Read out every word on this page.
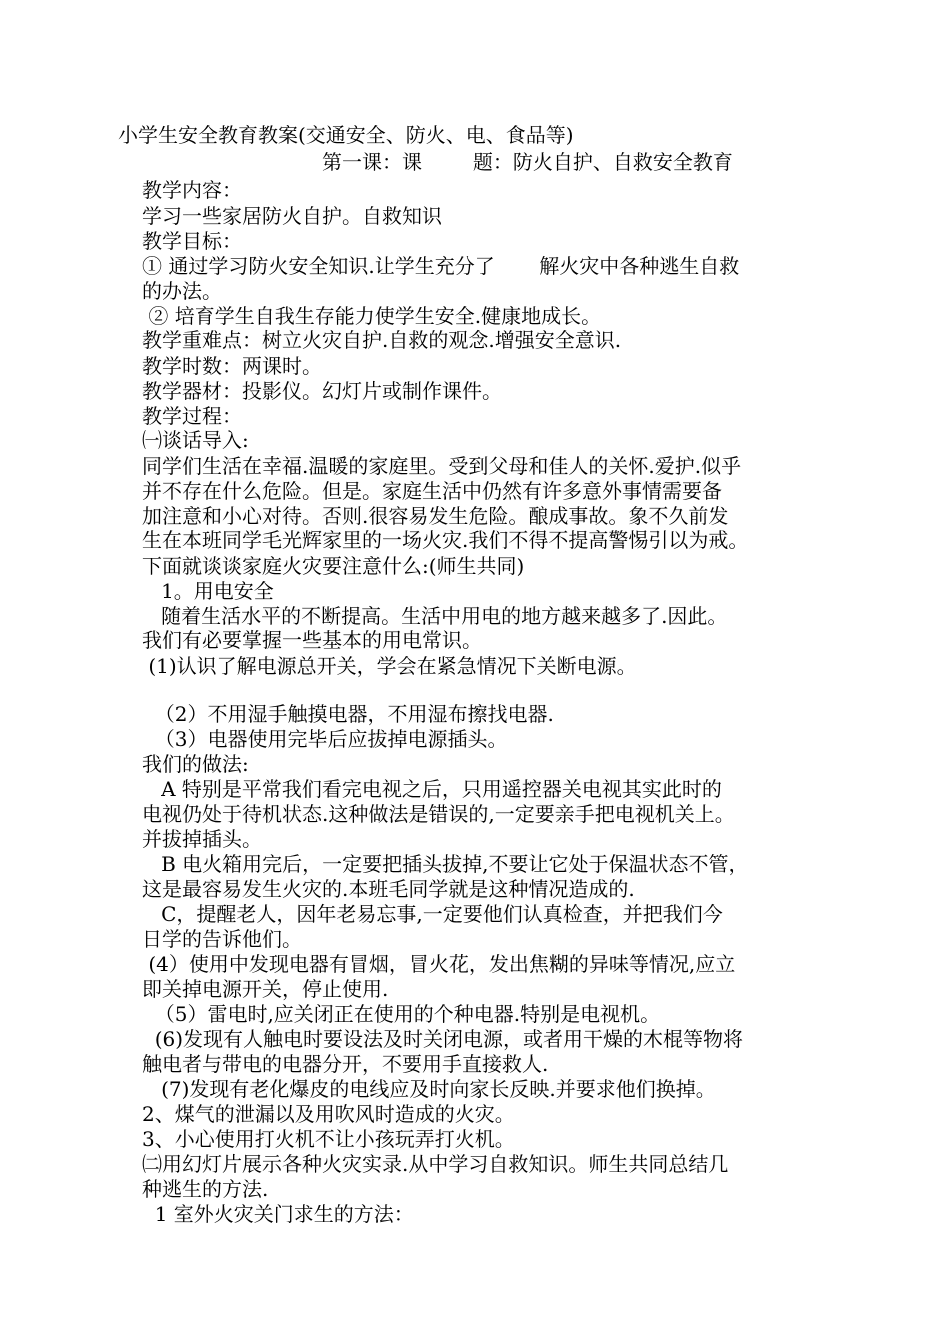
小学生安全教育教案(交通安全、防火、电、食品等)
第一课：课        题：防火自护、自救安全教育
教学内容：
学习一些家居防火自护。自救知识
教学目标：
① 通过学习防火安全知识.让学生充分了       解火灾中各种逃生自救
的办法。
② 培育学生自我生存能力使学生安全.健康地成长。
教学重难点：树立火灾自护.自救的观念.增强安全意识.
教学时数：两课时。
教学器材：投影仪。幻灯片或制作课件。
教学过程：
㈠谈话导入:
同学们生活在幸福.温暖的家庭里。受到父母和佳人的关怀.爱护.似乎
并不存在什么危险。但是。家庭生活中仍然有许多意外事情需要备
加注意和小心对待。否则.很容易发生危险。酿成事故。象不久前发
生在本班同学毛光辉家里的一场火灾.我们不得不提高警惕引以为戒。
下面就谈谈家庭火灾要注意什么:(师生共同)
1。用电安全
随着生活水平的不断提高。生活中用电的地方越来越多了.因此。
我们有必要掌握一些基本的用电常识。
(1)认识了解电源总开关，学会在紧急情况下关断电源。
（2）不用湿手触摸电器，不用湿布擦找电器.
（3）电器使用完毕后应拔掉电源插头。
我们的做法:
A 特别是平常我们看完电视之后，只用遥控器关电视其实此时的
电视仍处于待机状态.这种做法是错误的,一定要亲手把电视机关上。
并拔掉插头。
B 电火箱用完后，一定要把插头拔掉,不要让它处于保温状态不管，
这是最容易发生火灾的.本班毛同学就是这种情况造成的.
C，提醒老人，因年老易忘事,一定要他们认真检查，并把我们今
日学的告诉他们。
(4）使用中发现电器有冒烟，冒火花，发出焦糊的异味等情况,应立
即关掉电源开关，停止使用.
（5）雷电时,应关闭正在使用的个种电器.特别是电视机。
(6)发现有人触电时要设法及时关闭电源，或者用干燥的木棍等物将
触电者与带电的电器分开，不要用手直接救人.
(7)发现有老化爆皮的电线应及时向家长反映.并要求他们换掉。
2、煤气的泄漏以及用吹风时造成的火灾。
3、小心使用打火机不让小孩玩弄打火机。
㈡用幻灯片展示各种火灾实录.从中学习自救知识。师生共同总结几
种逃生的方法.
1 室外火灾关门求生的方法：
